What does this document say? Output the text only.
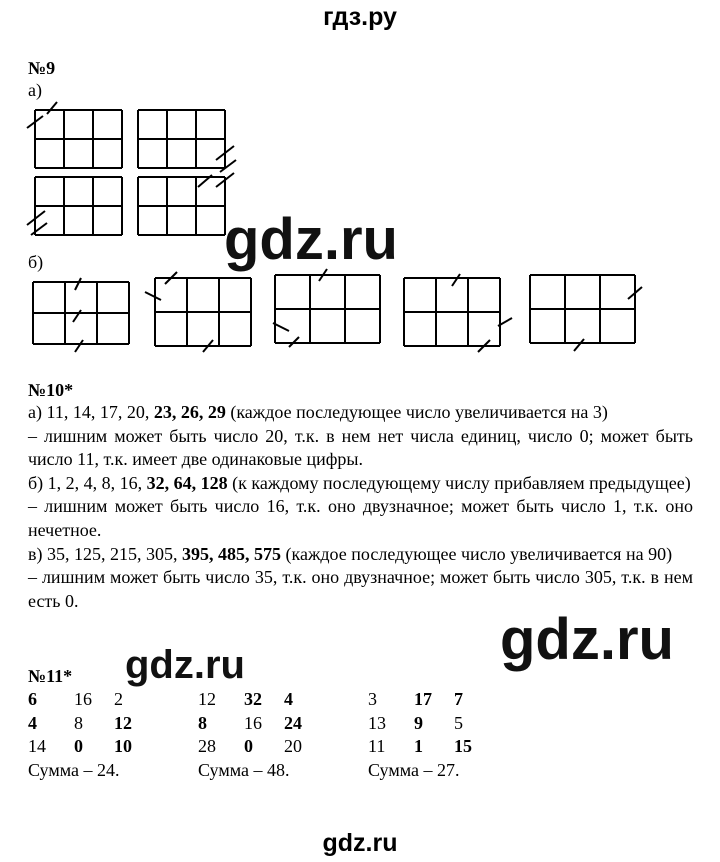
гдз.ру
gdz.ru
№9
а)
б)
№10*
а) 11, 14, 17, 20, 23, 26, 29 (каждое последующее число увеличивается на 3)
– лишним может быть число 20, т.к. в нем нет числа единиц, число 0; может быть число 11, т.к. имеет две одинаковые цифры.
б) 1, 2, 4, 8, 16, 32, 64, 128 (к каждому последующему числу прибавляем предыдущее)
– лишним может быть число 16, т.к. оно двузначное; может быть число 1, т.к. оно нечетное.
в) 35, 125, 215, 305, 395, 485, 575 (каждое последующее число увеличивается на 90)
– лишним может быть число 35, т.к. оно двузначное; может быть число 305, т.к. в нем есть 0.
gdz.ru
gdz.ru
№11*
6 16 2
4 8 12
14 0 10
Сумма – 24.
12 32 4
8 16 24
28 0 20
Сумма – 48.
3 17 7
13 9 5
11 1 15
Сумма – 27.
gdz.ru
